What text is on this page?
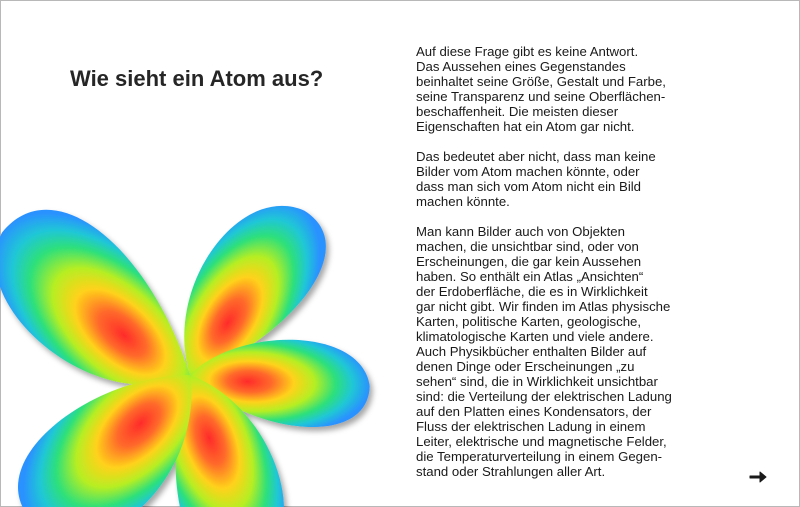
Wie sieht ein Atom aus?
Auf diese Frage gibt es keine Antwort.
Das Aussehen eines Gegenstandes
beinhaltet seine Größe, Gestalt und Farbe,
seine Transparenz und seine Oberflächen-
beschaffenheit. Die meisten dieser
Eigenschaften hat ein Atom gar nicht.
Das bedeutet aber nicht, dass man keine
Bilder vom Atom machen könnte, oder
dass man sich vom Atom nicht ein Bild
machen könnte.
Man kann Bilder auch von Objekten
machen, die unsichtbar sind, oder von
Erscheinungen, die gar kein Aussehen
haben. So enthält ein Atlas „Ansichten“
der Erdoberfläche, die es in Wirklichkeit
gar nicht gibt. Wir finden im Atlas physische
Karten, politische Karten, geologische,
klimatologische Karten und viele andere.
Auch Physikbücher enthalten Bilder auf
denen Dinge oder Erscheinungen „zu
sehen“ sind, die in Wirklichkeit unsichtbar
sind: die Verteilung der elektrischen Ladung
auf den Platten eines Kondensators, der
Fluss der elektrischen Ladung in einem
Leiter, elektrische und magnetische Felder,
die Temperaturverteilung in einem Gegen-
stand oder Strahlungen aller Art.
